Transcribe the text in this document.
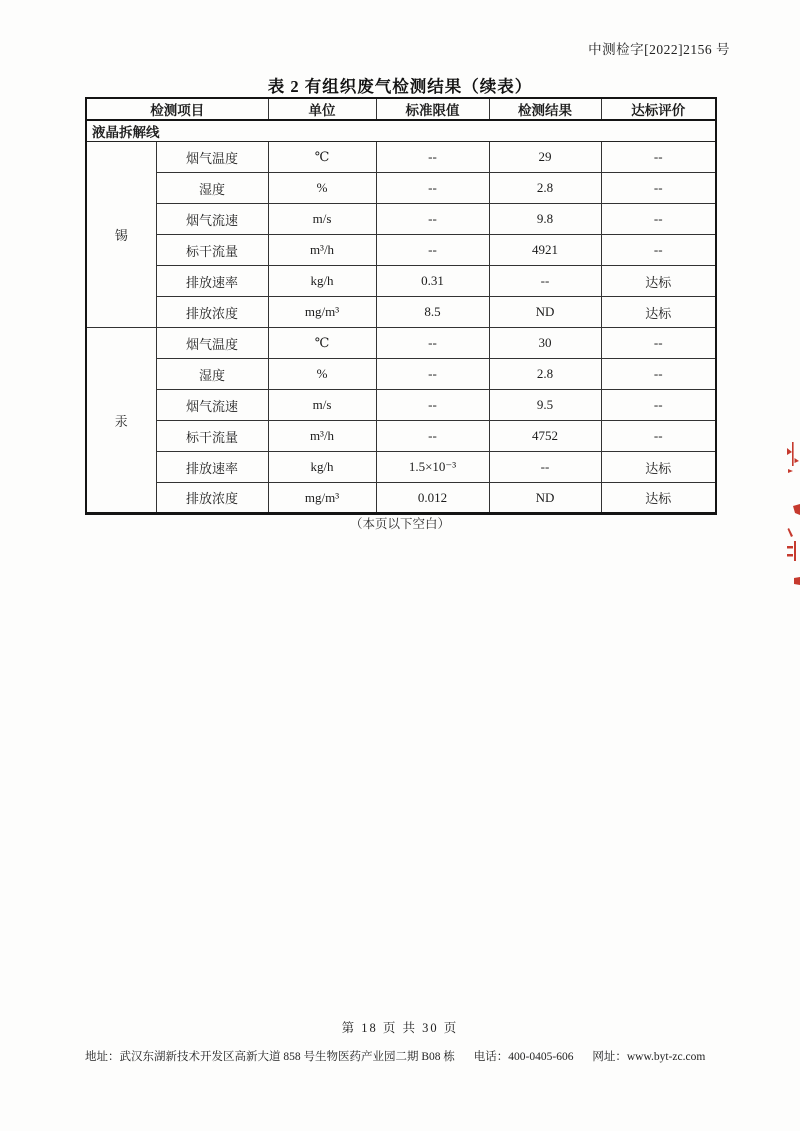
中测检字[2022]2156 号
表 2 有组织废气检测结果（续表）
检测项目		单位	标准限值	检测结果	达标评价
液晶拆解线					
锡	烟气温度	℃	--	29	--
	湿度	%	--	2.8	--
	烟气流速	m/s	--	9.8	--
	标干流量	m³/h	--	4921	--
	排放速率	kg/h	0.31	--	达标
	排放浓度	mg/m³	8.5	ND	达标
汞	烟气温度	℃	--	30	--
	湿度	%	--	2.8	--
	烟气流速	m/s	--	9.5	--
	标干流量	m³/h	--	4752	--
	排放速率	kg/h	1.5×10⁻³	--	达标
	排放浓度	mg/m³	0.012	ND	达标
（本页以下空白）
第 18 页 共 30 页
地址：武汉东湖新技术开发区高新大道 858 号生物医药产业园二期 B08 栋 电话：400-0405-606 网址：www.byt-zc.com
